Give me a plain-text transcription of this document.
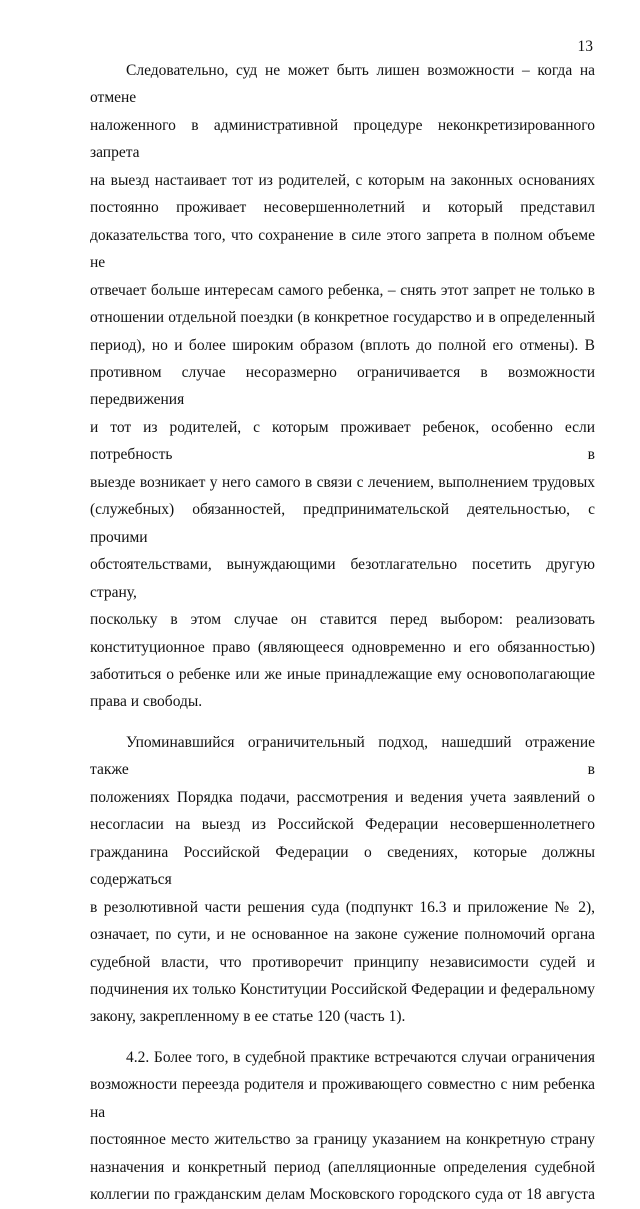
13
Следовательно, суд не может быть лишен возможности – когда на отмене
наложенного в административной процедуре неконкретизированного запрета
на выезд настаивает тот из родителей, с которым на законных основаниях
постоянно проживает несовершеннолетний и который представил
доказательства того, что сохранение в силе этого запрета в полном объеме не
отвечает больше интересам самого ребенка, – снять этот запрет не только в
отношении отдельной поездки (в конкретное государство и в определенный
период), но и более широким образом (вплоть до полной его отмены). В
противном случае несоразмерно ограничивается в возможности передвижения
и тот из родителей, с которым проживает ребенок, особенно если потребность в
выезде возникает у него самого в связи с лечением, выполнением трудовых
(служебных) обязанностей, предпринимательской деятельностью, с прочими
обстоятельствами, вынуждающими безотлагательно посетить другую страну,
поскольку в этом случае он ставится перед выбором: реализовать
конституционное право (являющееся одновременно и его обязанностью)
заботиться о ребенке или же иные принадлежащие ему основополагающие
права и свободы.
Упоминавшийся ограничительный подход, нашедший отражение также в
положениях Порядка подачи, рассмотрения и ведения учета заявлений о
несогласии на выезд из Российской Федерации несовершеннолетнего
гражданина Российской Федерации о сведениях, которые должны содержаться
в резолютивной части решения суда (подпункт 16.3 и приложение № 2),
означает, по сути, и не основанное на законе сужение полномочий органа
судебной власти, что противоречит принципу независимости судей и
подчинения их только Конституции Российской Федерации и федеральному
закону, закрепленному в ее статье 120 (часть 1).
4.2. Более того, в судебной практике встречаются случаи ограничения
возможности переезда родителя и проживающего совместно с ним ребенка на
постоянное место жительство за границу указанием на конкретную страну
назначения и конкретный период (апелляционные определения судебной
коллегии по гражданским делам Московского городского суда от 18 августа
